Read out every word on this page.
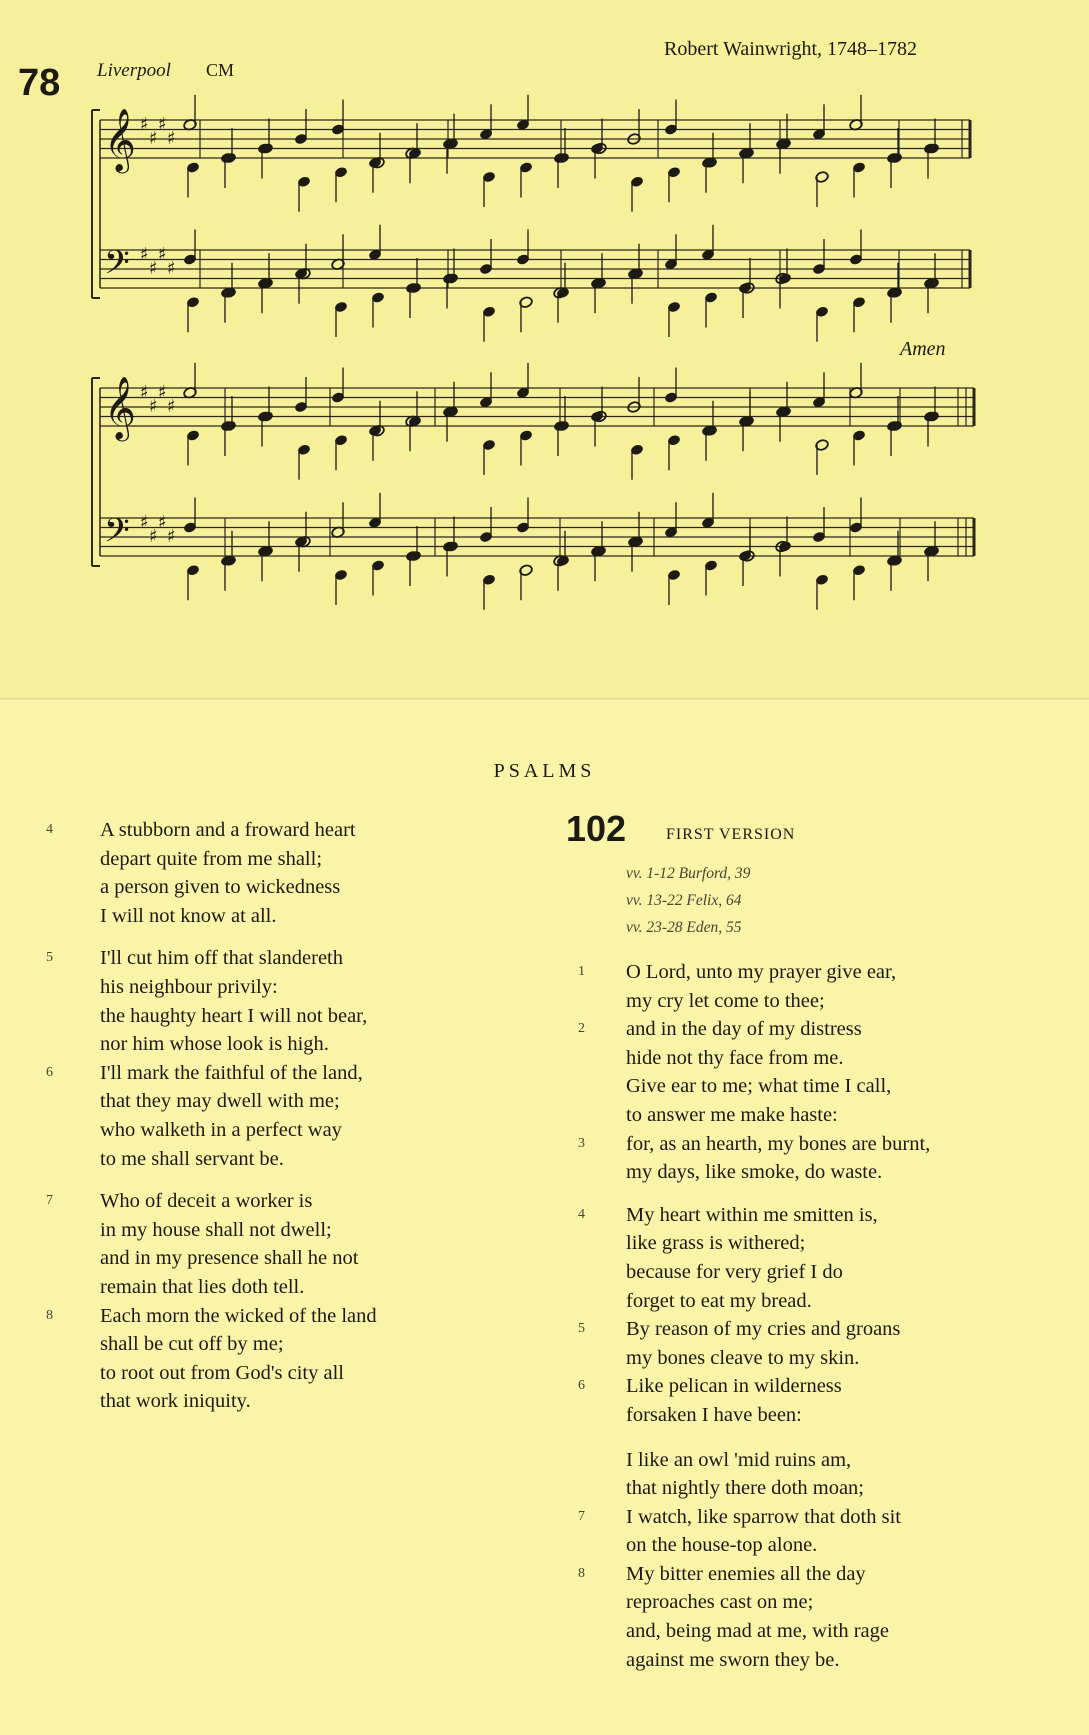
𝄞
𝄢
♯
♯
♯
♯
♯
♯
♯
♯
𝄞
𝄢
♯
♯
♯
♯
♯
♯
♯
♯
78 Liverpool CM
Robert Wainwright, 1748–1782
Amen
PSALMS
102 FIRST VERSION
vv. 1-12 Burford, 39
vv. 13-22 Felix, 64
vv. 23-28 Eden, 55
4 A stubborn and a froward heart
depart quite from me shall;
a person given to wickedness
I will not know at all.
5 I'll cut him off that slandereth
his neighbour privily:
the haughty heart I will not bear,
nor him whose look is high.
6 I'll mark the faithful of the land,
that they may dwell with me;
who walketh in a perfect way
to me shall servant be.
7 Who of deceit a worker is
in my house shall not dwell;
and in my presence shall he not
remain that lies doth tell.
8 Each morn the wicked of the land
shall be cut off by me;
to root out from God's city all
that work iniquity.
1 O Lord, unto my prayer give ear,
my cry let come to thee;
2 and in the day of my distress
hide not thy face from me.
Give ear to me; what time I call,
to answer me make haste:
3 for, as an hearth, my bones are burnt,
my days, like smoke, do waste.
4 My heart within me smitten is,
like grass is withered;
because for very grief I do
forget to eat my bread.
5 By reason of my cries and groans
my bones cleave to my skin.
6 Like pelican in wilderness
forsaken I have been:
I like an owl 'mid ruins am,
that nightly there doth moan;
7 I watch, like sparrow that doth sit
on the house-top alone.
8 My bitter enemies all the day
reproaches cast on me;
and, being mad at me, with rage
against me sworn they be.
